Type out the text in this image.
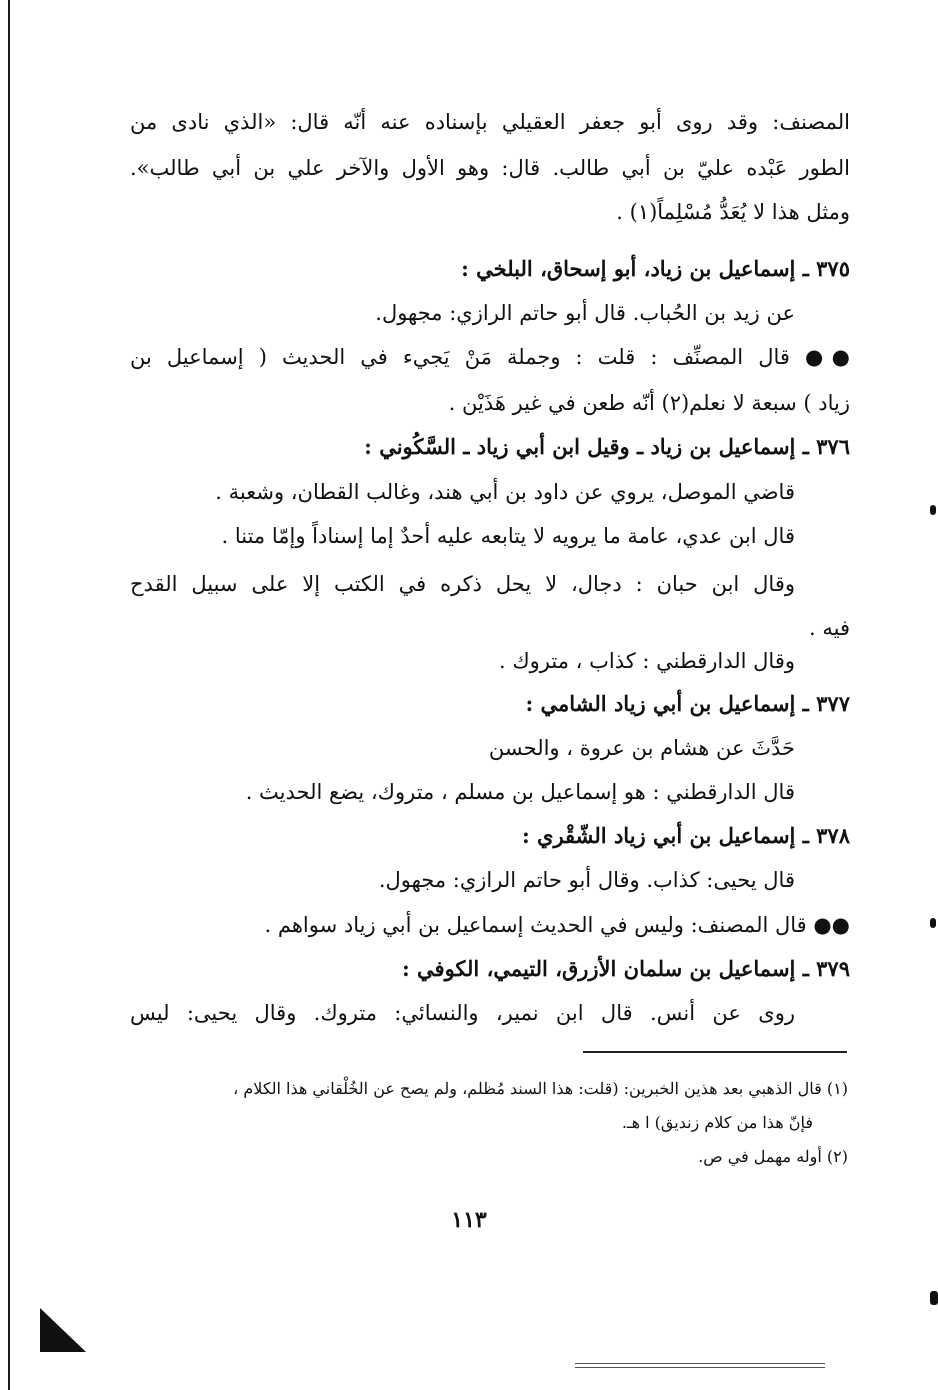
المصنف: وقد روى أبو جعفر العقيلي بإسناده عنه أنّه قال: «الذي نادى من
الطور عَبْده عليّ بن أبي طالب. قال: وهو الأول والآخر علي بن أبي طالب».
ومثل هذا لا يُعَدُّ مُسْلِماً(١) .
٣٧٥ ـ إسماعيل بن زياد، أبو إسحاق، البلخي :
عن زيد بن الحُباب. قال أبو حاتم الرازي: مجهول.
●● قال المصنِّف : قلت : وجملة مَنْ يَجيء في الحديث ( إسماعيل بن
زياد ) سبعة لا نعلم(٢) أنّه طعن في غير هَذَيْن .
٣٧٦ ـ إسماعيل بن زياد ـ وقيل ابن أبي زياد ـ السَّكُوني :
قاضي الموصل، يروي عن داود بن أبي هند، وغالب القطان، وشعبة .
قال ابن عدي، عامة ما يرويه لا يتابعه عليه أحدٌ إما إسناداً وإمّا متنا .
وقال ابن حبان : دجال، لا يحل ذكره في الكتب إلا على سبيل القدح
فيه .
وقال الدارقطني : كذاب ، متروك .
٣٧٧ ـ إسماعيل بن أبي زياد الشامي :
حَدَّثَ عن هشام بن عروة ، والحسن
قال الدارقطني : هو إسماعيل بن مسلم ، متروك، يضع الحديث .
٣٧٨ ـ إسماعيل بن أبي زياد الشّقْري :
قال يحيى: كذاب. وقال أبو حاتم الرازي: مجهول.
●● قال المصنف: وليس في الحديث إسماعيل بن أبي زياد سواهم .
٣٧٩ ـ إسماعيل بن سلمان الأزرق، التيمي، الكوفي :
روى عن أنس. قال ابن نمير، والنسائي: متروك. وقال يحيى: ليس
(١) قال الذهبي بعد هذين الخبرين: (قلت: هذا السند مُظلم، ولم يصح عن الخُلْقاني هذا الكلام ،
فإنّ هذا من كلام زنديق) ا هـ.
(٢) أوله مهمل في ص.
١١٣
